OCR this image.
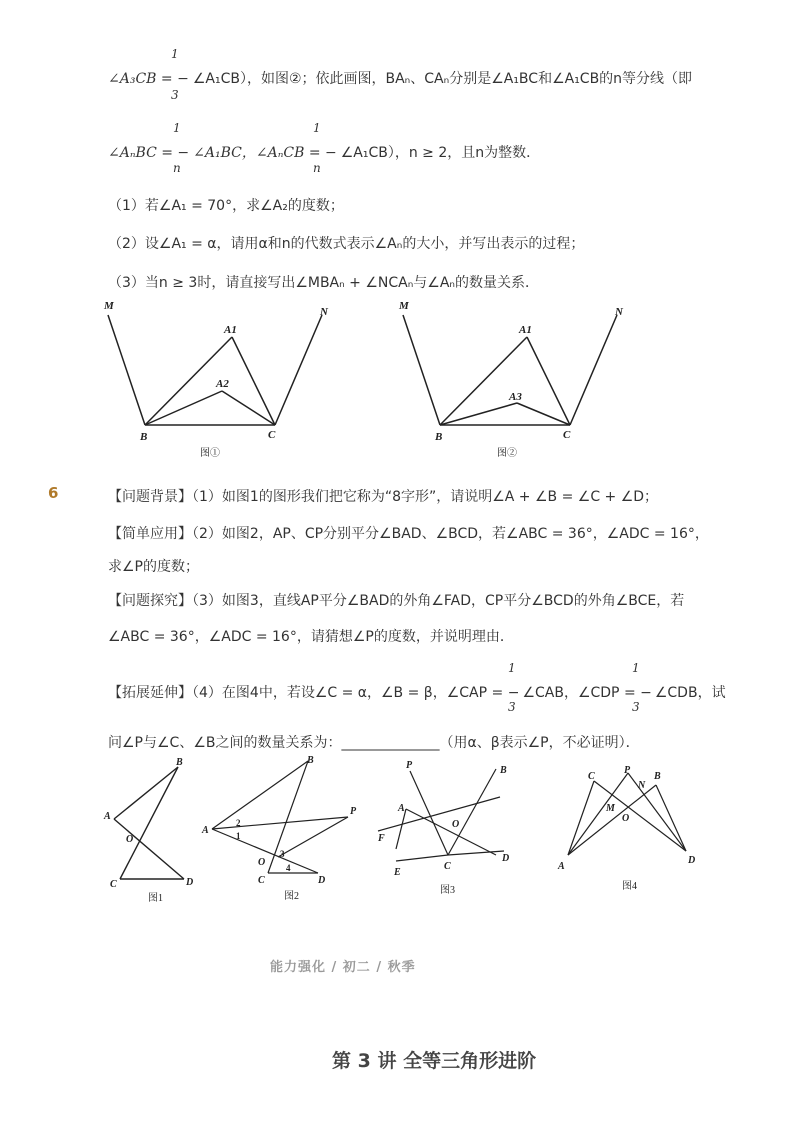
1
3
∠A₃CB = − ∠A₁CB），如图②；依此画图，BAₙ、CAₙ分别是∠A₁BC和∠A₁CB的n等分线（即
1
n
1
n
∠AₙBC = − ∠A₁BC，∠AₙCB = − ∠A₁CB），n ≥ 2，且n为整数．
（1）若∠A₁ = 70°，求∠A₂的度数；
（2）设∠A₁ = α，请用α和n的代数式表示∠Aₙ的大小，并写出表示的过程；
（3）当n ≥ 3时，请直接写出∠MBAₙ + ∠NCAₙ与∠Aₙ的数量关系．
M	N
A1
A2
B	C
图①
M	N
A1
A3
B	C
图②
6	【问题背景】（1）如图1的图形我们把它称为“8字形”，请说明∠A + ∠B = ∠C + ∠D；
【简单应用】（2）如图2，AP、CP分别平分∠BAD、∠BCD，若∠ABC = 36°，∠ADC = 16°，
求∠P的度数；
【问题探究】（3）如图3，直线AP平分∠BAD的外角∠FAD，CP平分∠BCD的外角∠BCE，若
∠ABC = 36°，∠ADC = 16°，请猜想∠P的度数，并说明理由．
1
3
1
3
【拓展延伸】（4）在图4中，若设∠C = α，∠B = β，∠CAP = − ∠CAB，∠CDP = − ∠CDB，试
问∠P与∠C、∠B之间的数量关系为：______________（用α、β表示∠P，不必证明）．
A
B
O
C	D
图1
A
B
P
O
C	D
2
1
3
4
图2
P	B
A
O
F
C
D
E
图3
C
P
B
N
M
O
A
D
图4
能力强化 / 初二 / 秋季
第 3 讲 全等三角形进阶
